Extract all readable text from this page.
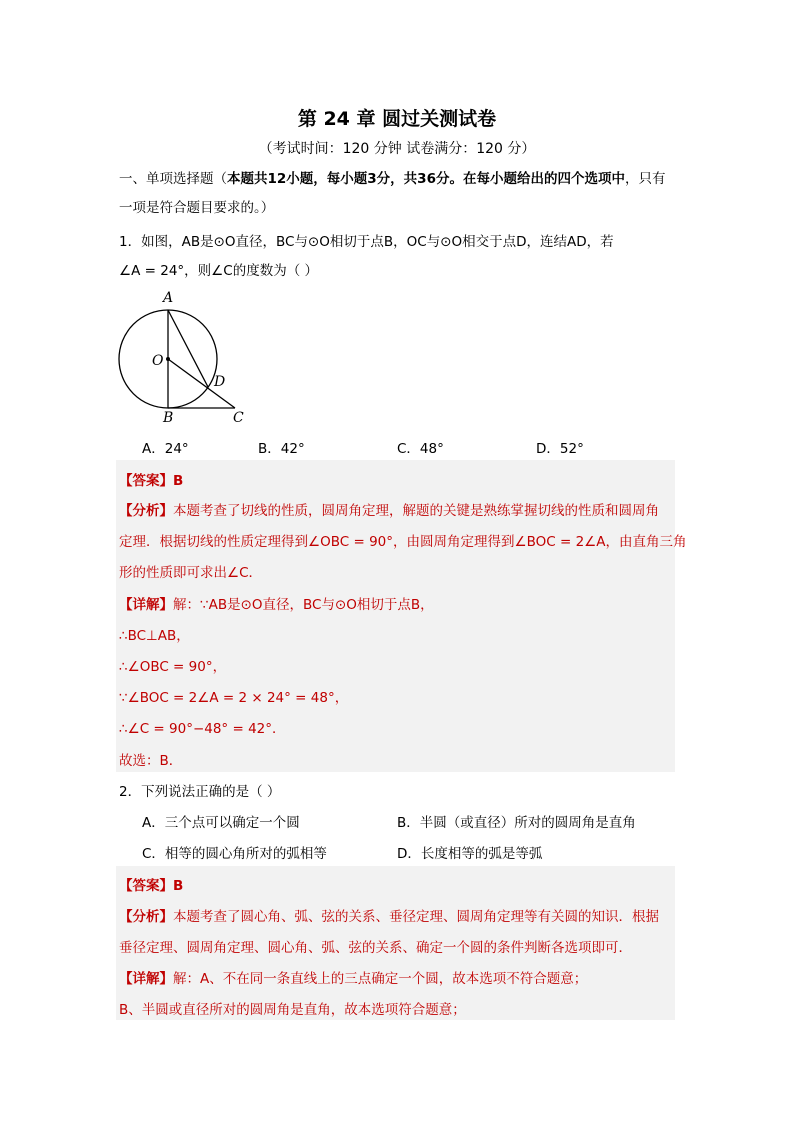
第 24 章 圆过关测试卷
（考试时间：120 分钟 试卷满分：120 分）
一、单项选择题（本题共12小题，每小题3分，共36分。在每小题给出的四个选项中，只有
一项是符合题目要求的。）
1．如图，AB是⊙O直径，BC与⊙O相切于点B，OC与⊙O相交于点D，连结AD，若
∠A = 24°，则∠C的度数为（ ）
A
O
D
B	C
A．24°	B．42°	C．48°	D．52°
【答案】B
【分析】本题考查了切线的性质，圆周角定理，解题的关键是熟练掌握切线的性质和圆周角
定理．根据切线的性质定理得到∠OBC = 90°，由圆周角定理得到∠BOC = 2∠A，由直角三角
形的性质即可求出∠C．
【详解】解：∵AB是⊙O直径，BC与⊙O相切于点B，
∴BC⊥AB，
∴∠OBC = 90°，
∵∠BOC = 2∠A = 2 × 24° = 48°，
∴∠C = 90°−48° = 42°．
故选：B．
2．下列说法正确的是（ ）
A．三个点可以确定一个圆	B．半圆（或直径）所对的圆周角是直角
C．相等的圆心角所对的弧相等	D．长度相等的弧是等弧
【答案】B
【分析】本题考查了圆心角、弧、弦的关系、垂径定理、圆周角定理等有关圆的知识．根据
垂径定理、圆周角定理、圆心角、弧、弦的关系、确定一个圆的条件判断各选项即可．
【详解】解：A、不在同一条直线上的三点确定一个圆，故本选项不符合题意；
B、半圆或直径所对的圆周角是直角，故本选项符合题意；
